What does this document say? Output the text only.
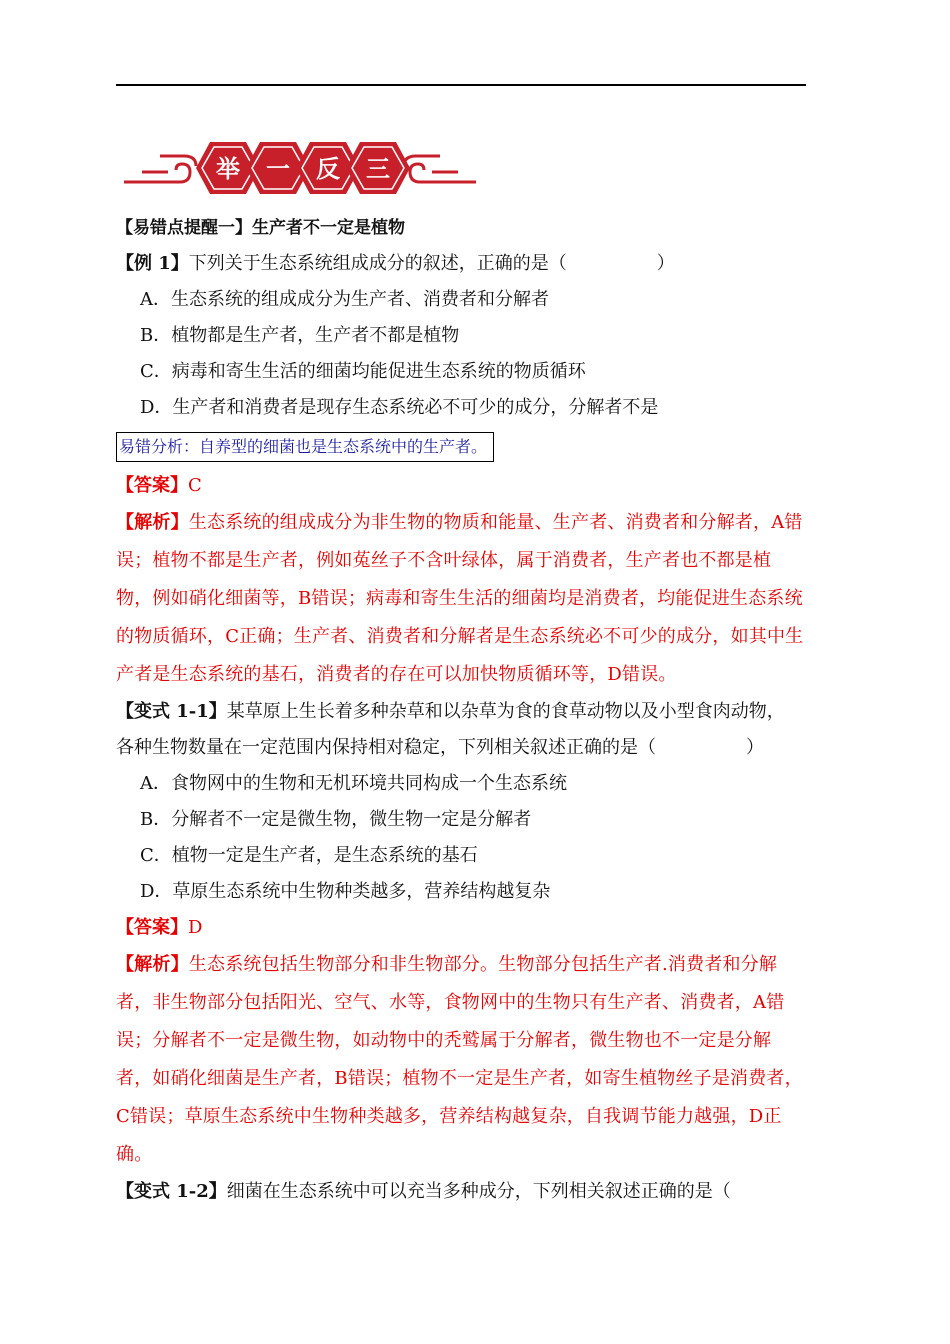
举 一 反 三
【易错点提醒一】生产者不一定是植物
【例 1】下列关于生态系统组成成分的叙述，正确的是（	）
A．生态系统的组成成分为生产者、消费者和分解者
B．植物都是生产者，生产者不都是植物
C．病毒和寄生生活的细菌均能促进生态系统的物质循环
D．生产者和消费者是现存生态系统必不可少的成分，分解者不是
易错分析：自养型的细菌也是生态系统中的生产者。
【答案】C
【解析】生态系统的组成成分为非生物的物质和能量、生产者、消费者和分解者，A错误；植物不都是生产者，例如菟丝子不含叶绿体，属于消费者，生产者也不都是植物，例如硝化细菌等，B错误；病毒和寄生生活的细菌均是消费者，均能促进生态系统的物质循环，C正确；生产者、消费者和分解者是生态系统必不可少的成分，如其中生产者是生态系统的基石，消费者的存在可以加快物质循环等，D错误。
【变式 1-1】某草原上生长着多种杂草和以杂草为食的食草动物以及小型食肉动物，
各种生物数量在一定范围内保持相对稳定，下列相关叙述正确的是（	）
A．食物网中的生物和无机环境共同构成一个生态系统
B．分解者不一定是微生物，微生物一定是分解者
C．植物一定是生产者，是生态系统的基石
D．草原生态系统中生物种类越多，营养结构越复杂
【答案】D
【解析】生态系统包括生物部分和非生物部分。生物部分包括生产者.消费者和分解者，非生物部分包括阳光、空气、水等，食物网中的生物只有生产者、消费者，A错误；分解者不一定是微生物，如动物中的秃鹫属于分解者，微生物也不一定是分解者，如硝化细菌是生产者，B错误；植物不一定是生产者，如寄生植物丝子是消费者，C错误；草原生态系统中生物种类越多，营养结构越复杂，自我调节能力越强，D正确。
【变式 1-2】细菌在生态系统中可以充当多种成分，下列相关叙述正确的是（
